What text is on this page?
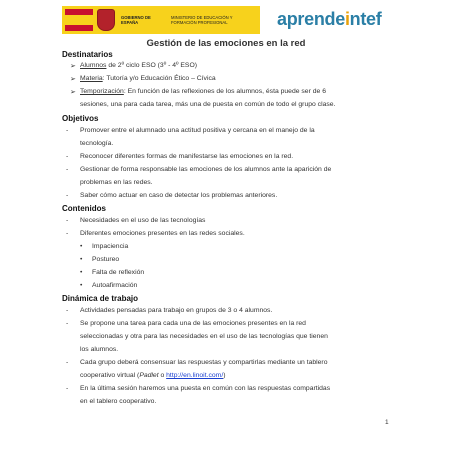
GOBIERNO DE ESPAÑA
MINISTERIO DE EDUCACIÓN Y FORMACIÓN PROFESIONAL	aprendeintef
Gestión de las emociones en la red
Destinatarios
➢ Alumnos de 2º ciclo ESO (3º - 4º ESO)
➢ Materia: Tutoría y/o Educación Ético – Cívica
➢ Temporización: En función de las reflexiones de los alumnos, ésta puede ser de 6
sesiones, una para cada tarea, más una de puesta en común de todo el grupo clase.
Objetivos
- Promover entre el alumnado una actitud positiva y cercana en el manejo de la
tecnología.
- Reconocer diferentes formas de manifestarse las emociones en la red.
- Gestionar de forma responsable las emociones de los alumnos ante la aparición de
problemas en las redes.
- Saber cómo actuar en caso de detectar los problemas anteriores.
Contenidos
- Necesidades en el uso de las tecnologías
- Diferentes emociones presentes en las redes sociales.
• Impaciencia
• Postureo
• Falta de reflexión
• Autoafirmación
Dinámica de trabajo
- Actividades pensadas para trabajo en grupos de 3 o 4 alumnos.
- Se propone una tarea para cada una de las emociones presentes en la red
seleccionadas y otra para las necesidades en el uso de las tecnologías que tienen
los alumnos.
- Cada grupo deberá consensuar las respuestas y compartirlas mediante un tablero
cooperativo virtual (Padlet o http://en.linoit.com/)
- En la última sesión haremos una puesta en común con las respuestas compartidas
en el tablero cooperativo.
1
